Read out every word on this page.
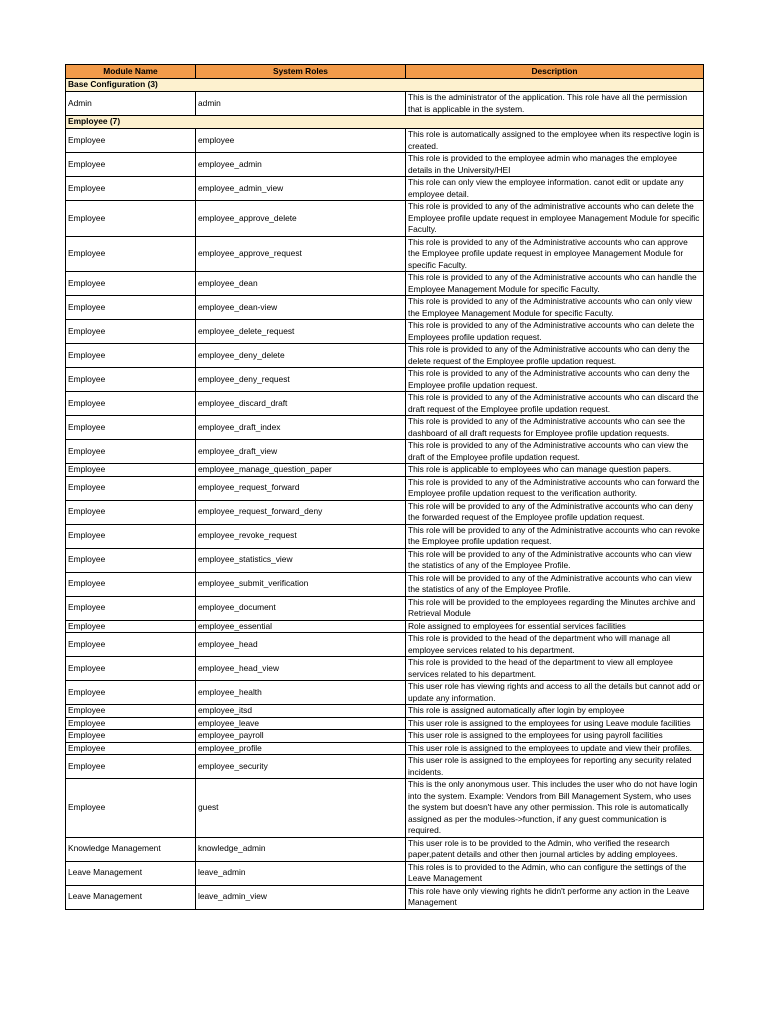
Module Name	System Roles	Description
Base Configuration (3)		
Admin	admin	This is the administrator of the application. This role have all the permission that is applicable in the system.
Employee (7)		
Employee	employee	This role is automatically assigned to the employee when its respective login is created.
Employee	employee_admin	This role is provided to the employee admin who manages the employee details in the University/HEI
Employee	employee_admin_view	This role can only view the employee information. canot edit or update any employee detail.
Employee	employee_approve_delete	This role is provided to any of the administrative accounts who can delete the Employee profile update request in employee Management Module for specific Faculty.
Employee	employee_approve_request	This role is provided to any of the Administrative accounts who can approve the Employee profile update request in employee Management Module for specific Faculty.
Employee	employee_dean	This role is provided to any of the Administrative accounts who can handle the Employee Management Module for specific Faculty.
Employee	employee_dean-view	This role is provided to any of the Administrative accounts who can only view the Employee Management Module for specific Faculty.
Employee	employee_delete_request	This role is provided to any of the Administrative accounts who can delete the Employees profile updation request.
Employee	employee_deny_delete	This role is provided to any of the Administrative accounts who can deny the delete request of the Employee profile updation request.
Employee	employee_deny_request	This role is provided to any of the Administrative accounts who can deny the Employee profile updation request.
Employee	employee_discard_draft	This role is provided to any of the Administrative accounts who can discard the draft request of the Employee profile updation request.
Employee	employee_draft_index	This role is provided to any of the Administrative accounts who can see the dashboard of all draft requests for Employee profile updation requests.
Employee	employee_draft_view	This role is provided to any of the Administrative accounts who can view the draft of the Employee profile updation request.
Employee	employee_manage_question_paper	This role is applicable to employees who can manage question papers.
Employee	employee_request_forward	This role is provided to any of the Administrative accounts who can forward the Employee profile updation request to the verification authority.
Employee	employee_request_forward_deny	This role will be provided to any of the Administrative accounts who can deny the forwarded request of the Employee profile updation request.
Employee	employee_revoke_request	This role will be provided to any of the Administrative accounts who can revoke the Employee profile updation request.
Employee	employee_statistics_view	This role will be provided to any of the Administrative accounts who can view the statistics of any of the Employee Profile.
Employee	employee_submit_verification	This role will be provided to any of the Administrative accounts who can view the statistics of any of the Employee Profile.
Employee	employee_document	This role will be provided to the employees regarding the Minutes archive and Retrieval Module
Employee	employee_essential	Role assigned to employees for essential services facilities
Employee	employee_head	This role is provided to the head of the department who will manage all employee services related to his department.
Employee	employee_head_view	This role is provided to the head of the department to view all employee services related to his department.
Employee	employee_health	This user role has viewing rights and access to all the details but cannot add or update any information.
Employee	employee_itsd	This role is assigned automatically after login by employee
Employee	employee_leave	This user role is assigned to the employees for using Leave module facilities
Employee	employee_payroll	This user role is assigned to the employees for using payroll facilities
Employee	employee_profile	This user role is assigned to the employees to update and view their profiles.
Employee	employee_security	This user role is assigned to the employees for reporting any security related incidents.
Employee	guest	This is the only anonymous user. This includes the user who do not have login into the system. Example: Vendors from Bill Management System, who uses the system but doesn't have any other permission. This role is automatically assigned as per the modules->function, if any guest communication is required.
Knowledge Management	knowledge_admin	This user role is to be provided to the Admin, who verified the research paper,patent details and other then journal articles by adding employees.
Leave Management	leave_admin	This roles is to provided to the Admin, who can configure the settings of the Leave Management
Leave Management	leave_admin_view	This role have only viewing rights he didn't performe any action in the Leave Management
